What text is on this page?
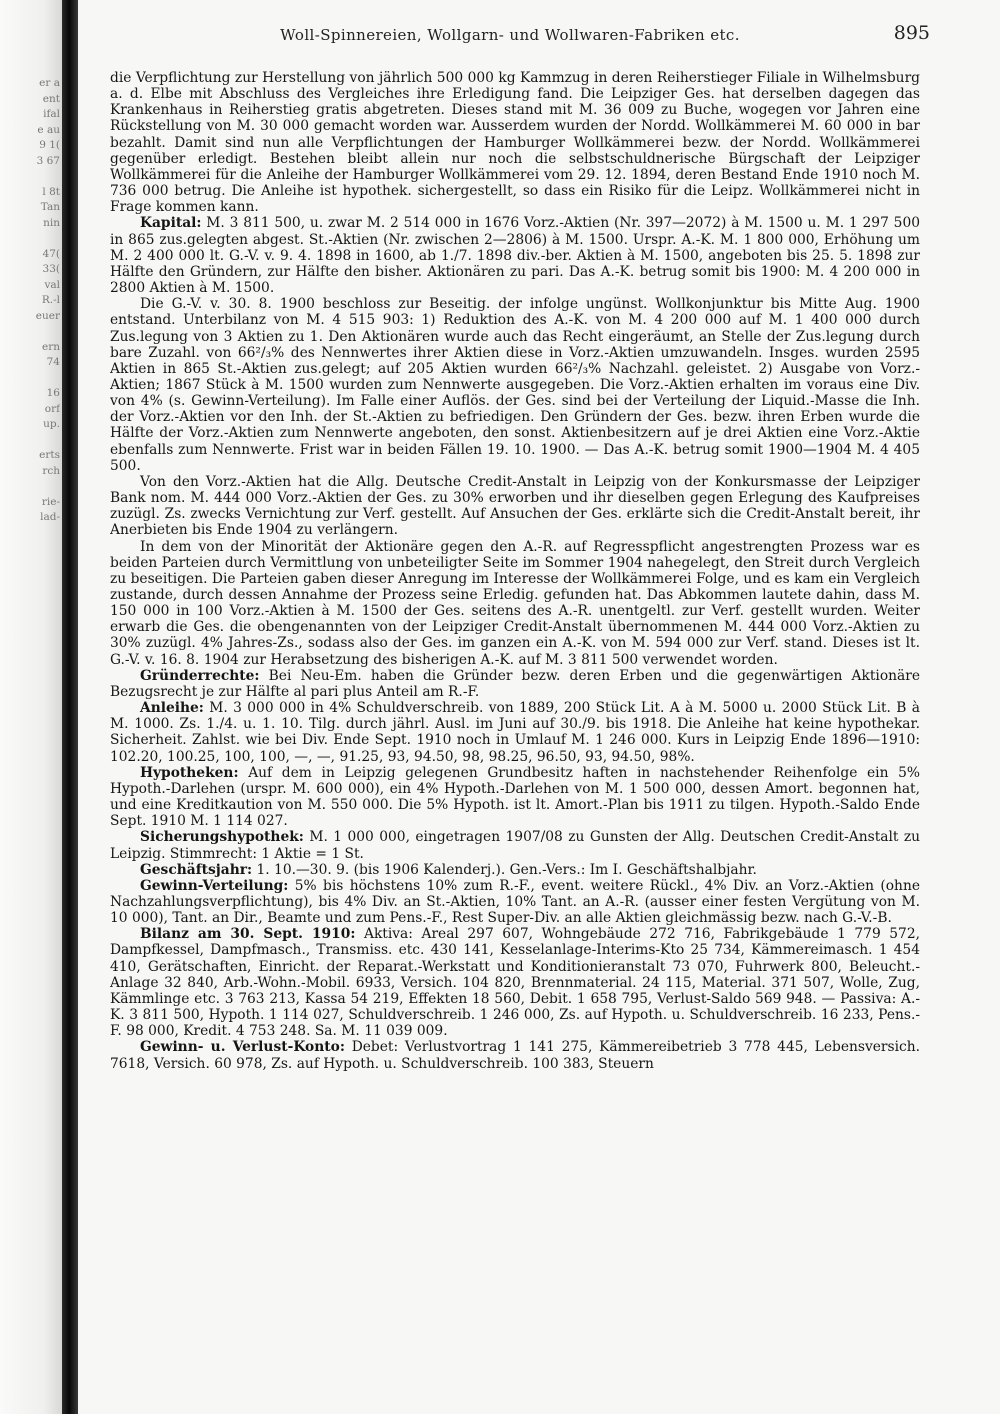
er a
ent
ifal
e au
9 1(
3 67
l 8t
Tan
nin
47(
33(
val
R.-l
euer
ern
74
16
orf
up.
erts
rch
rie-
lad-
Woll-Spinnereien, Wollgarn- und Wollwaren-Fabriken etc.	895

die Verpflichtung zur Herstellung von jährlich 500 000 kg Kammzug in deren Reiherstieger Filiale in Wilhelmsburg a. d. Elbe mit Abschluss des Vergleiches ihre Erledigung fand. Die Leipziger Ges. hat derselben dagegen das Krankenhaus in Reiherstieg gratis abgetreten. Dieses stand mit M. 36 009 zu Buche, wogegen vor Jahren eine Rückstellung von M. 30 000 gemacht worden war. Ausserdem wurden der Nordd. Wollkämmerei M. 60 000 in bar bezahlt. Damit sind nun alle Verpflichtungen der Hamburger Wollkämmerei bezw. der Nordd. Wollkämmerei gegenüber erledigt. Bestehen bleibt allein nur noch die selbstschuldnerische Bürgschaft der Leipziger Wollkämmerei für die Anleihe der Hamburger Wollkämmerei vom 29. 12. 1894, deren Bestand Ende 1910 noch M. 736 000 betrug. Die Anleihe ist hypothek. sichergestellt, so dass ein Risiko für die Leipz. Wollkämmerei nicht in Frage kommen kann.

Kapital: M. 3 811 500, u. zwar M. 2 514 000 in 1676 Vorz.-Aktien (Nr. 397—2072) à M. 1500 u. M. 1 297 500 in 865 zus.gelegten abgest. St.-Aktien (Nr. zwischen 2—2806) à M. 1500. Urspr. A.-K. M. 1 800 000, Erhöhung um M. 2 400 000 lt. G.-V. v. 9. 4. 1898 in 1600, ab 1./7. 1898 div.-ber. Aktien à M. 1500, angeboten bis 25. 5. 1898 zur Hälfte den Gründern, zur Hälfte den bisher. Aktionären zu pari. Das A.-K. betrug somit bis 1900: M. 4 200 000 in 2800 Aktien à M. 1500.

Die G.-V. v. 30. 8. 1900 beschloss zur Beseitig. der infolge ungünst. Wollkonjunktur bis Mitte Aug. 1900 entstand. Unterbilanz von M. 4 515 903: 1) Reduktion des A.-K. von M. 4 200 000 auf M. 1 400 000 durch Zus.legung von 3 Aktien zu 1. Den Aktionären wurde auch das Recht eingeräumt, an Stelle der Zus.legung durch bare Zuzahl. von 66²/₃% des Nennwertes ihrer Aktien diese in Vorz.-Aktien umzuwandeln. Insges. wurden 2595 Aktien in 865 St.-Aktien zus.gelegt; auf 205 Aktien wurden 66²/₃% Nachzahl. geleistet. 2) Ausgabe von Vorz.-Aktien; 1867 Stück à M. 1500 wurden zum Nennwerte ausgegeben. Die Vorz.-Aktien erhalten im voraus eine Div. von 4% (s. Gewinn-Verteilung). Im Falle einer Auflös. der Ges. sind bei der Verteilung der Liquid.-Masse die Inh. der Vorz.-Aktien vor den Inh. der St.-Aktien zu befriedigen. Den Gründern der Ges. bezw. ihren Erben wurde die Hälfte der Vorz.-Aktien zum Nennwerte angeboten, den sonst. Aktienbesitzern auf je drei Aktien eine Vorz.-Aktie ebenfalls zum Nennwerte. Frist war in beiden Fällen 19. 10. 1900. — Das A.-K. betrug somit 1900—1904 M. 4 405 500.

Von den Vorz.-Aktien hat die Allg. Deutsche Credit-Anstalt in Leipzig von der Konkursmasse der Leipziger Bank nom. M. 444 000 Vorz.-Aktien der Ges. zu 30% erworben und ihr dieselben gegen Erlegung des Kaufpreises zuzügl. Zs. zwecks Vernichtung zur Verf. gestellt. Auf Ansuchen der Ges. erklärte sich die Credit-Anstalt bereit, ihr Anerbieten bis Ende 1904 zu verlängern.

In dem von der Minorität der Aktionäre gegen den A.-R. auf Regresspflicht angestrengten Prozess war es beiden Parteien durch Vermittlung von unbeteiligter Seite im Sommer 1904 nahegelegt, den Streit durch Vergleich zu beseitigen. Die Parteien gaben dieser Anregung im Interesse der Wollkämmerei Folge, und es kam ein Vergleich zustande, durch dessen Annahme der Prozess seine Erledig. gefunden hat. Das Abkommen lautete dahin, dass M. 150 000 in 100 Vorz.-Aktien à M. 1500 der Ges. seitens des A.-R. unentgeltl. zur Verf. gestellt wurden. Weiter erwarb die Ges. die obengenannten von der Leipziger Credit-Anstalt übernommenen M. 444 000 Vorz.-Aktien zu 30% zuzügl. 4% Jahres-Zs., sodass also der Ges. im ganzen ein A.-K. von M. 594 000 zur Verf. stand. Dieses ist lt. G.-V. v. 16. 8. 1904 zur Herabsetzung des bisherigen A.-K. auf M. 3 811 500 verwendet worden.

Gründerrechte: Bei Neu-Em. haben die Gründer bezw. deren Erben und die gegenwärtigen Aktionäre Bezugsrecht je zur Hälfte al pari plus Anteil am R.-F.

Anleihe: M. 3 000 000 in 4% Schuldverschreib. von 1889, 200 Stück Lit. A à M. 5000 u. 2000 Stück Lit. B à M. 1000. Zs. 1./4. u. 1. 10. Tilg. durch jährl. Ausl. im Juni auf 30./9. bis 1918. Die Anleihe hat keine hypothekar. Sicherheit. Zahlst. wie bei Div. Ende Sept. 1910 noch in Umlauf M. 1 246 000. Kurs in Leipzig Ende 1896—1910: 102.20, 100.25, 100, 100, —, —, 91.25, 93, 94.50, 98, 98.25, 96.50, 93, 94.50, 98%.

Hypotheken: Auf dem in Leipzig gelegenen Grundbesitz haften in nachstehender Reihenfolge ein 5% Hypoth.-Darlehen (urspr. M. 600 000), ein 4% Hypoth.-Darlehen von M. 1 500 000, dessen Amort. begonnen hat, und eine Kreditkaution von M. 550 000. Die 5% Hypoth. ist lt. Amort.-Plan bis 1911 zu tilgen. Hypoth.-Saldo Ende Sept. 1910 M. 1 114 027.

Sicherungshypothek: M. 1 000 000, eingetragen 1907/08 zu Gunsten der Allg. Deutschen Credit-Anstalt zu Leipzig. Stimmrecht: 1 Aktie = 1 St.

Geschäftsjahr: 1. 10.—30. 9. (bis 1906 Kalenderj.). Gen.-Vers.: Im I. Geschäftshalbjahr.

Gewinn-Verteilung: 5% bis höchstens 10% zum R.-F., event. weitere Rückl., 4% Div. an Vorz.-Aktien (ohne Nachzahlungsverpflichtung), bis 4% Div. an St.-Aktien, 10% Tant. an A.-R. (ausser einer festen Vergütung von M. 10 000), Tant. an Dir., Beamte und zum Pens.-F., Rest Super-Div. an alle Aktien gleichmässig bezw. nach G.-V.-B.

Bilanz am 30. Sept. 1910: Aktiva: Areal 297 607, Wohngebäude 272 716, Fabrikgebäude 1 779 572, Dampfkessel, Dampfmasch., Transmiss. etc. 430 141, Kesselanlage-Interims-Kto 25 734, Kämmereimasch. 1 454 410, Gerätschaften, Einricht. der Reparat.-Werkstatt und Konditionieranstalt 73 070, Fuhrwerk 800, Beleucht.-Anlage 32 840, Arb.-Wohn.-Mobil. 6933, Versich. 104 820, Brennmaterial. 24 115, Material. 371 507, Wolle, Zug, Kämmlinge etc. 3 763 213, Kassa 54 219, Effekten 18 560, Debit. 1 658 795, Verlust-Saldo 569 948. — Passiva: A.-K. 3 811 500, Hypoth. 1 114 027, Schuldverschreib. 1 246 000, Zs. auf Hypoth. u. Schuldverschreib. 16 233, Pens.-F. 98 000, Kredit. 4 753 248. Sa. M. 11 039 009.

Gewinn- u. Verlust-Konto: Debet: Verlustvortrag 1 141 275, Kämmereibetrieb 3 778 445, Lebensversich. 7618, Versich. 60 978, Zs. auf Hypoth. u. Schuldverschreib. 100 383, Steuern
